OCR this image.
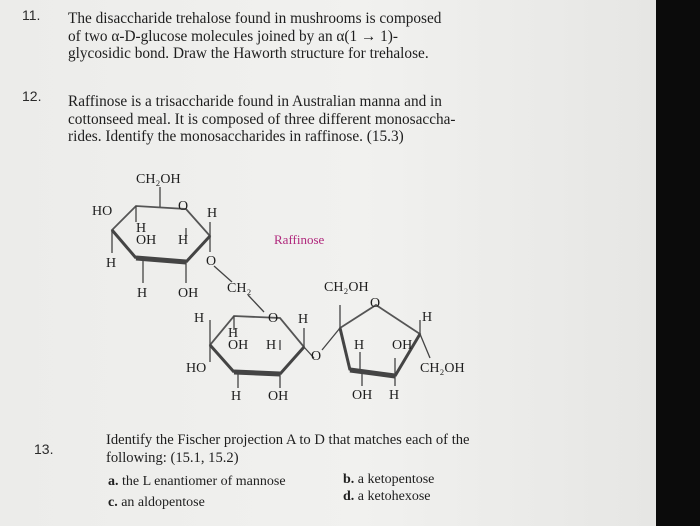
11. The disaccharide trehalose found in mushrooms is composed
of two α-D-glucose molecules joined by an α(1 → 1)-
glycosidic bond. Draw the Haworth structure for trehalose.
12. Raffinose is a trisaccharide found in Australian manna and in
cottonseed meal. It is composed of three different monosaccha-
rides. Identify the monosaccharides in raffinose. (15.3)
CH₂OH
O
HO	H
H
OH H
H
H OH
O
CH₂
O
H	H
H
OH H
HO
H OH
O
CH₂OH
O
H
H OH
CH₂OH
OH H
Raffinose
13.
Identify the Fischer projection A to D that matches each of the
following: (15.1, 15.2)
a. the L enantiomer of mannose	b. a ketopentose
c. an aldopentose	d. a ketohexose
